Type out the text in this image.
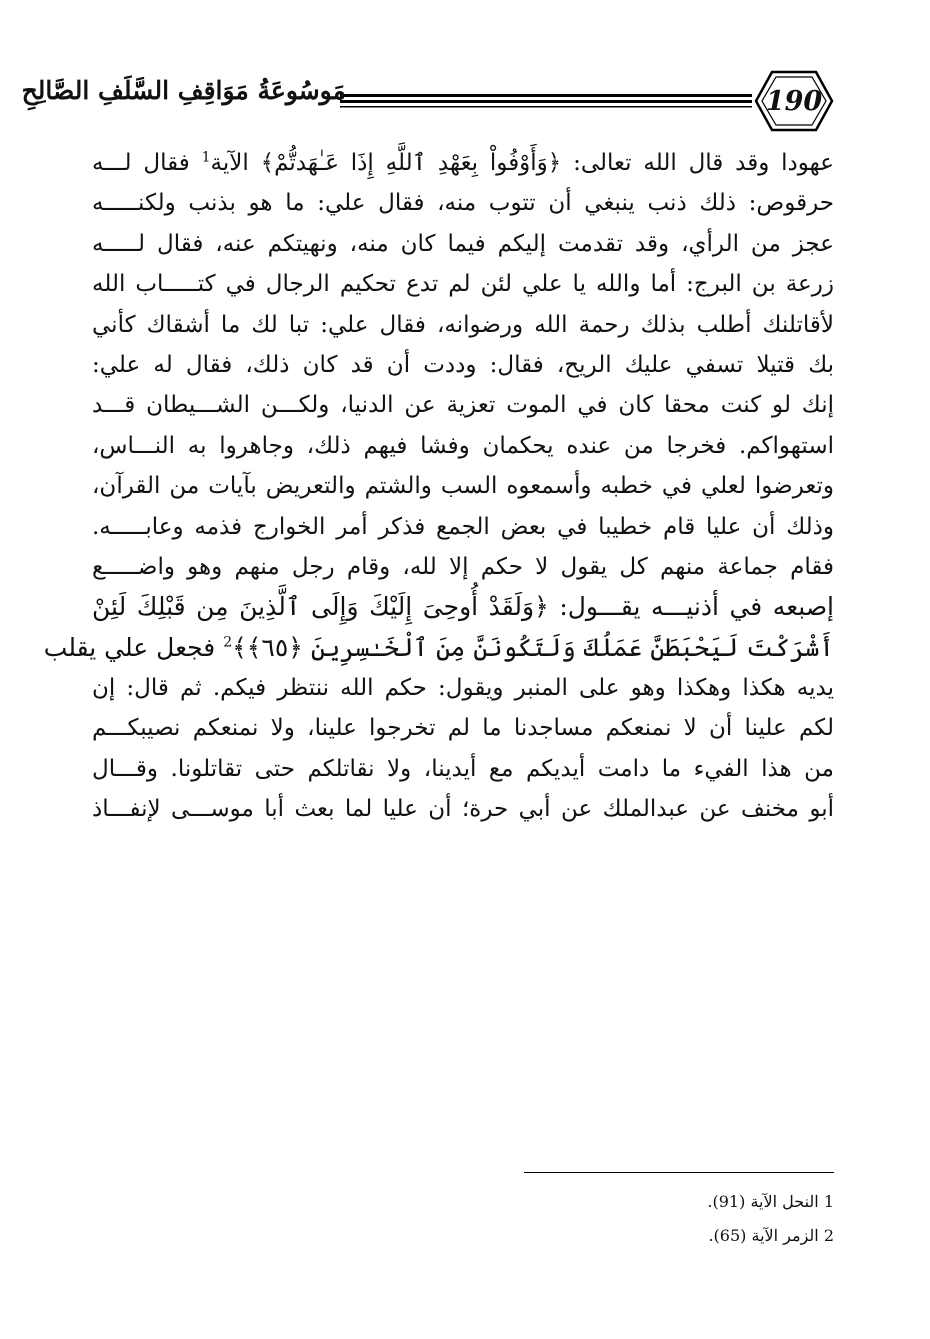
190
مَوسُوعَةُ مَوَاقِفِ السَّلَفِ الصَّالِحِ
عهودا وقد قال الله تعالى: ﴿وَأَوْفُواْ بِعَهْدِ ٱللَّهِ إِذَا عَـٰهَدتُّمْ﴾ الآية$^1$ فقال لـــه
حرقوص: ذلك ذنب ينبغي أن تتوب منه، فقال علي: ما هو بذنب ولكنـــــه
عجز من الرأي، وقد تقدمت إليكم فيما كان منه، ونهيتكم عنه، فقال لـــــه
زرعة بن البرج: أما والله يا علي لئن لم تدع تحكيم الرجال في كتـــــاب الله
لأقاتلنك أطلب بذلك رحمة الله ورضوانه، فقال علي: تبا لك ما أشقاك كأني
بك قتيلا تسفي عليك الريح، فقال: وددت أن قد كان ذلك، فقال له علي:
إنك لو كنت محقا كان في الموت تعزية عن الدنيا، ولكـــن الشـــيطان قـــد
استهواكم. فخرجا من عنده يحكمان وفشا فيهم ذلك، وجاهروا به النـــاس،
وتعرضوا لعلي في خطبه وأسمعوه السب والشتم والتعريض بآيات من القرآن،
وذلك أن عليا قام خطيبا في بعض الجمع فذكر أمر الخوارج فذمه وعابـــــه.
فقام جماعة منهم كل يقول لا حكم إلا لله، وقام رجل منهم وهو واضـــــع
إصبعه في أذنيـــه يقـــول: ﴿وَلَقَدْ أُوحِىَ إِلَيْكَ وَإِلَى ٱلَّذِينَ مِن قَبْلِكَ لَئِنْ
أَشْرَكْتَ لَيَحْبَطَنَّ عَمَلُكَ وَلَتَكُونَنَّ مِنَ ٱلْخَـٰسِرِينَ ﴿٦٥﴾﴾$^2$ فجعل علي يقلب
يديه هكذا وهكذا وهو على المنبر ويقول: حكم الله ننتظر فيكم. ثم قال: إن
لكم علينا أن لا نمنعكم مساجدنا ما لم تخرجوا علينا، ولا نمنعكم نصيبكـــم
من هذا الفيء ما دامت أيديكم مع أيدينا، ولا نقاتلكم حتى تقاتلونا. وقـــال
أبو مخنف عن عبدالملك عن أبي حرة؛ أن عليا لما بعث أبا موســـى لإنفـــاذ
1 النحل الآية (91).
2 الزمر الآية (65).
